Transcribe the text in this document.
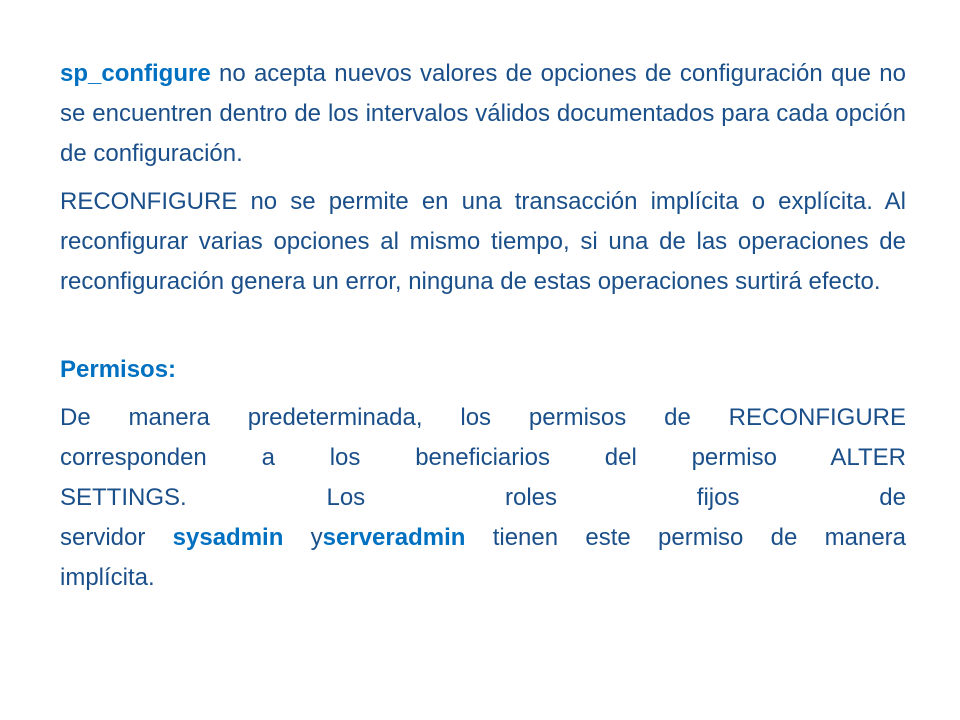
sp_configure no acepta nuevos valores de opciones de configuración que no se encuentren dentro de los intervalos válidos documentados para cada opción de configuración.

RECONFIGURE no se permite en una transacción implícita o explícita. Al reconfigurar varias opciones al mismo tiempo, si una de las operaciones de reconfiguración genera un error, ninguna de estas operaciones surtirá efecto.

Permisos:
De manera predeterminada, los permisos de RECONFIGURE
corresponden a los beneficiarios del permiso ALTER
SETTINGS. Los roles fijos de
servidor sysadmin yserveradmin tienen este permiso de manera
implícita.
